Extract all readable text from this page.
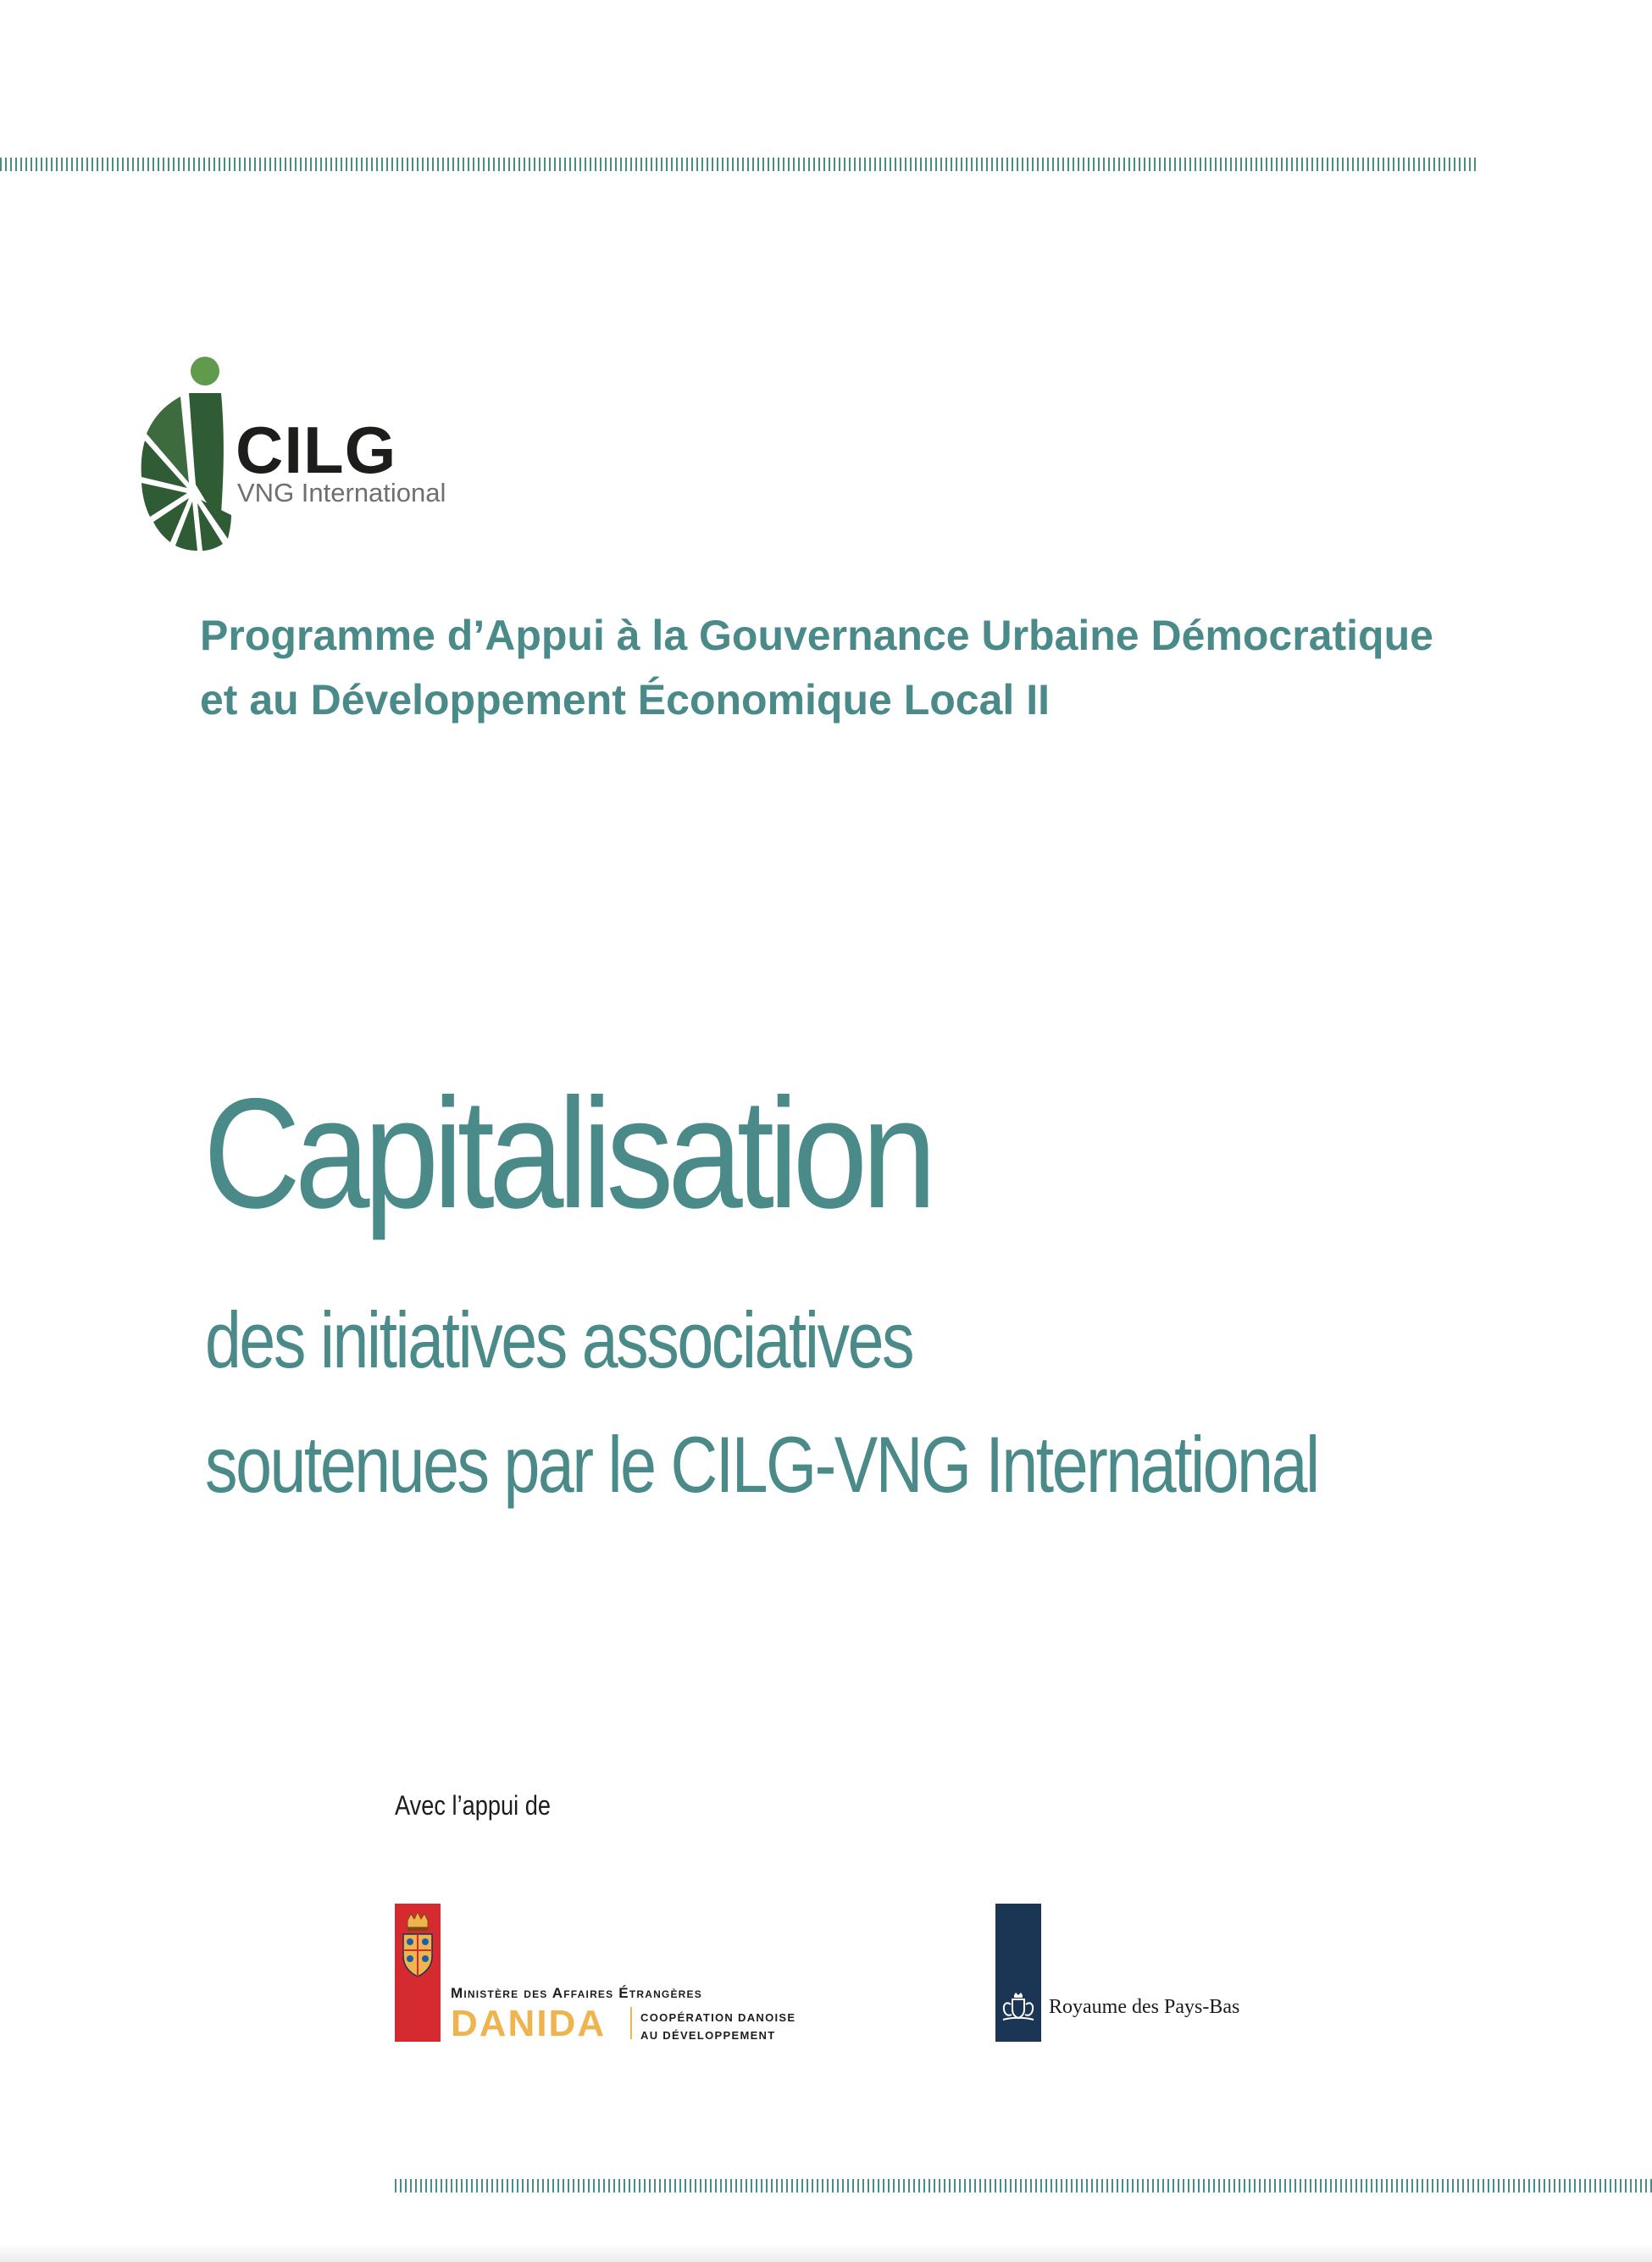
CILG
VNG International
Programme d’Appui à la Gouvernance Urbaine Démocratique
et au Développement Économique Local II
Capitalisation
des initiatives associatives
soutenues par le CILG-VNG International
Avec l’appui de
Ministère des Affaires Étrangères
DANIDA	COOPÉRATION DANOISE
AU DÉVELOPPEMENT
Royaume des Pays-Bas
